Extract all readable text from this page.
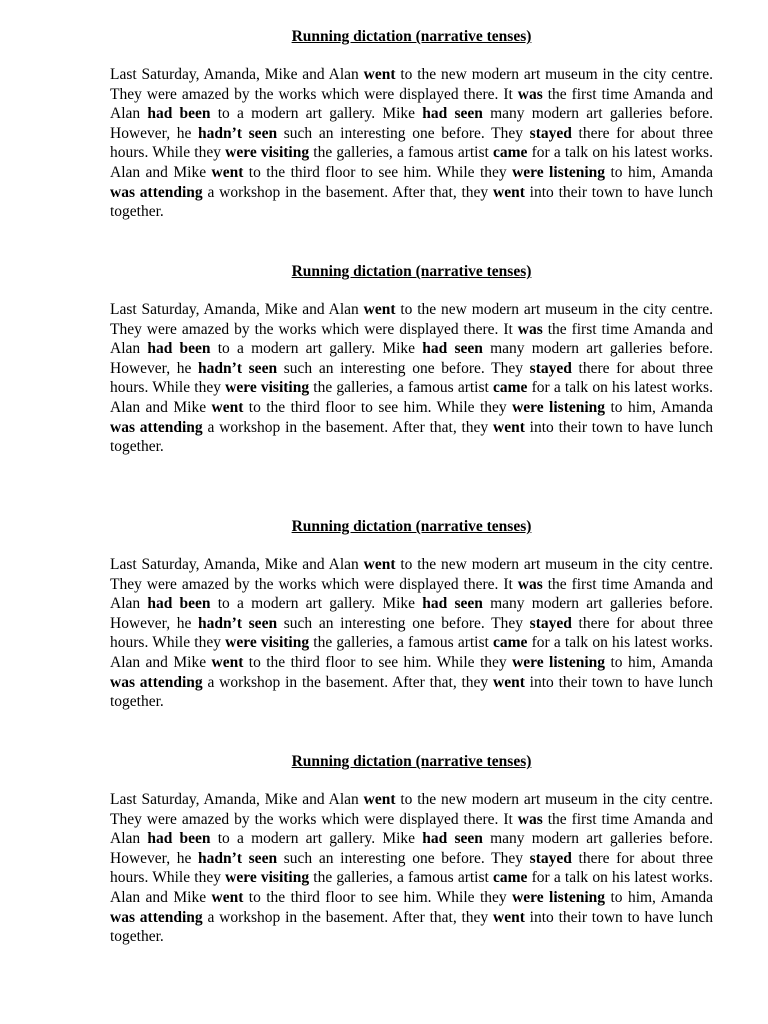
Running dictation (narrative tenses)

Last Saturday, Amanda, Mike and Alan went to the new modern art museum in the city centre. They were amazed by the works which were displayed there. It was the first time Amanda and Alan had been to a modern art gallery. Mike had seen many modern art galleries before. However, he hadn’t seen such an interesting one before. They stayed there for about three hours. While they were visiting the galleries, a famous artist came for a talk on his latest works. Alan and Mike went to the third floor to see him. While they were listening to him, Amanda was attending a workshop in the basement. After that, they went into their town to have lunch together.

Running dictation (narrative tenses)

Last Saturday, Amanda, Mike and Alan went to the new modern art museum in the city centre. They were amazed by the works which were displayed there. It was the first time Amanda and Alan had been to a modern art gallery. Mike had seen many modern art galleries before. However, he hadn’t seen such an interesting one before. They stayed there for about three hours. While they were visiting the galleries, a famous artist came for a talk on his latest works. Alan and Mike went to the third floor to see him. While they were listening to him, Amanda was attending a workshop in the basement. After that, they went into their town to have lunch together.

Running dictation (narrative tenses)

Last Saturday, Amanda, Mike and Alan went to the new modern art museum in the city centre. They were amazed by the works which were displayed there. It was the first time Amanda and Alan had been to a modern art gallery. Mike had seen many modern art galleries before. However, he hadn’t seen such an interesting one before. They stayed there for about three hours. While they were visiting the galleries, a famous artist came for a talk on his latest works. Alan and Mike went to the third floor to see him. While they were listening to him, Amanda was attending a workshop in the basement. After that, they went into their town to have lunch together.

Running dictation (narrative tenses)

Last Saturday, Amanda, Mike and Alan went to the new modern art museum in the city centre. They were amazed by the works which were displayed there. It was the first time Amanda and Alan had been to a modern art gallery. Mike had seen many modern art galleries before. However, he hadn’t seen such an interesting one before. They stayed there for about three hours. While they were visiting the galleries, a famous artist came for a talk on his latest works. Alan and Mike went to the third floor to see him. While they were listening to him, Amanda was attending a workshop in the basement. After that, they went into their town to have lunch together.
